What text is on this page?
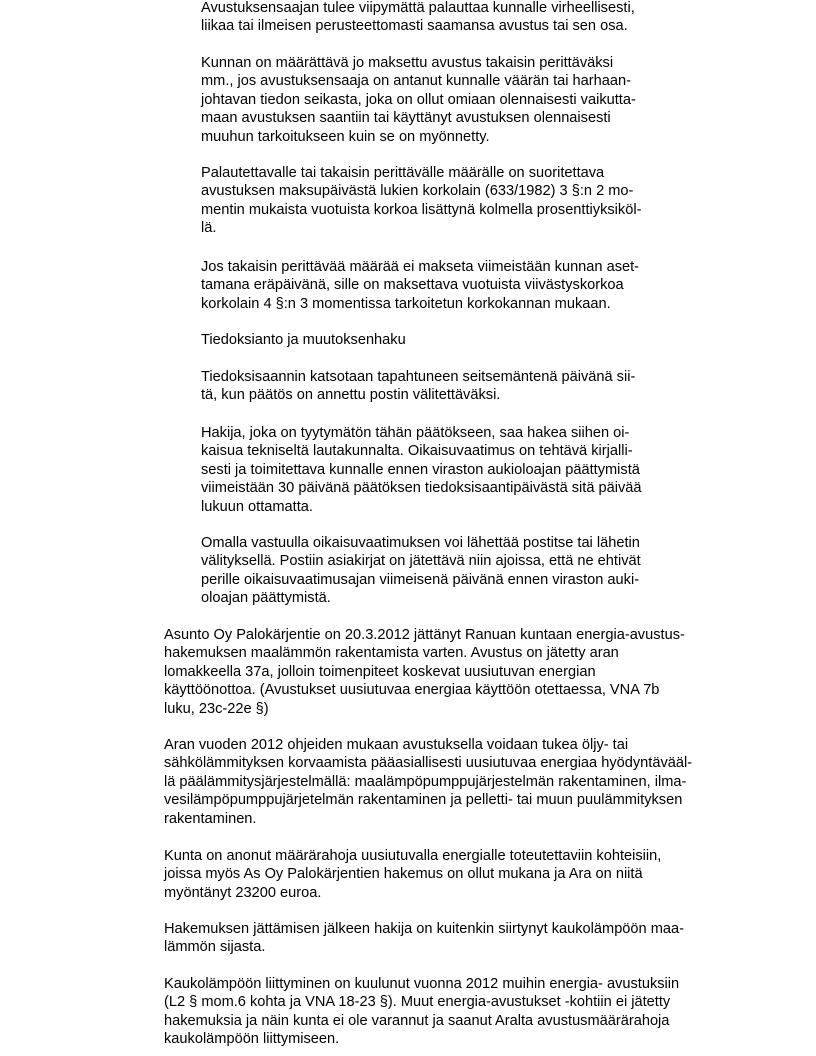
Avustuksensaajan tulee viipymättä palauttaa kunnalle virheellisesti,
liikaa tai ilmeisen perusteettomasti saamansa avustus tai sen osa.
Kunnan on määrättävä jo maksettu avustus takaisin perittäväksi
mm., jos avustuksensaaja on antanut kunnalle väärän tai harhaan-
johtavan tiedon seikasta, joka on ollut omiaan olennaisesti vaikutta-
maan avustuksen saantiin tai käyttänyt avustuksen olennaisesti
muuhun tarkoitukseen kuin se on myönnetty.
Palautettavalle tai takaisin perittävälle määrälle on suoritettava
avustuksen maksupäivästä lukien korkolain (633/1982) 3 §:n 2 mo-
mentin mukaista vuotuista korkoa lisättynä kolmella prosenttiyksiköl-
lä.
Jos takaisin perittävää määrää ei makseta viimeistään kunnan aset-
tamana eräpäivänä, sille on maksettava vuotuista viivästyskorkoa
korkolain 4 §:n 3 momentissa tarkoitetun korkokannan mukaan.
Tiedoksianto ja muutoksenhaku
Tiedoksisaannin katsotaan tapahtuneen seitsemäntenä päivänä sii-
tä, kun päätös on annettu postin välitettäväksi.
Hakija, joka on tyytymätön tähän päätökseen, saa hakea siihen oi-
kaisua tekniseltä lautakunnalta. Oikaisuvaatimus on tehtävä kirjalli-
sesti ja toimitettava kunnalle ennen viraston aukioloajan päättymistä
viimeistään 30 päivänä päätöksen tiedoksisaantipäivästä sitä päivää
lukuun ottamatta.
Omalla vastuulla oikaisuvaatimuksen voi lähettää postitse tai lähetin
välityksellä. Postiin asiakirjat on jätettävä niin ajoissa, että ne ehtivät
perille oikaisuvaatimusajan viimeisenä päivänä ennen viraston auki-
oloajan päättymistä.
Asunto Oy Palokärjentie on 20.3.2012 jättänyt Ranuan kuntaan energia-avustus-
hakemuksen maalämmön rakentamista varten. Avustus on jätetty aran
lomakkeella 37a, jolloin toimenpiteet koskevat uusiutuvan energian
käyttöönottoa. (Avustukset uusiutuvaa energiaa käyttöön otettaessa, VNA 7b
luku, 23c-22e §)
Aran vuoden 2012 ohjeiden mukaan avustuksella voidaan tukea öljy- tai
sähkölämmityksen korvaamista pääasiallisesti uusiutuvaa energiaa hyödyntävääl-
lä päälämmitysjärjestelmällä: maalämpöpumppujärjestelmän rakentaminen, ilma-
vesilämpöpumppujärjetelmän rakentaminen ja pelletti- tai muun puulämmityksen
rakentaminen.
Kunta on anonut määrärahoja uusiutuvalla energialle toteutettaviin kohteisiin,
joissa myös As Oy Palokärjentien hakemus on ollut mukana ja Ara on niitä
myöntänyt 23200 euroa.
Hakemuksen jättämisen jälkeen hakija on kuitenkin siirtynyt kaukolämpöön maa-
lämmön sijasta.
Kaukolämpöön liittyminen on kuulunut vuonna 2012 muihin energia- avustuksiin
(L2 § mom.6 kohta ja VNA 18-23 §). Muut energia-avustukset -kohtiin ei jätetty
hakemuksia ja näin kunta ei ole varannut ja saanut Aralta avustusmäärärahoja
kaukolämpöön liittymiseen.
